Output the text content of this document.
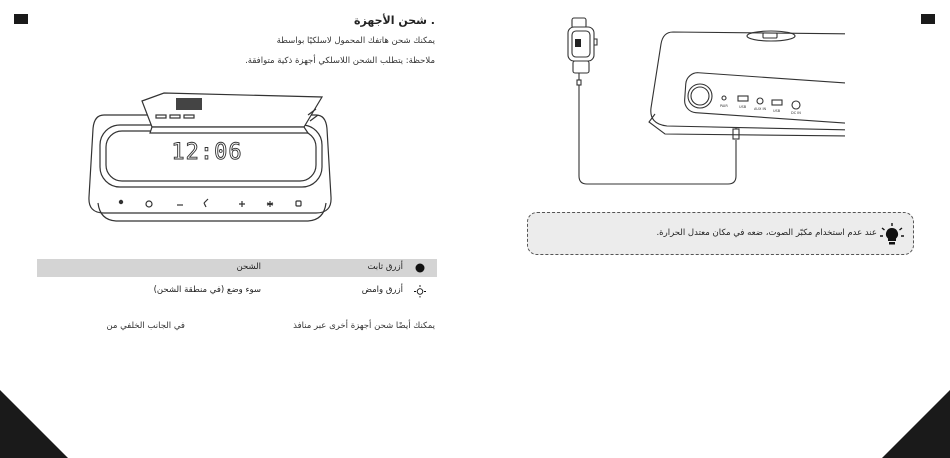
. شحن الأجهزة
يمكنك شحن هاتفك المحمول لاسلكيًا بواسطة
ملاحظة: يتطلب الشحن اللاسلكي أجهزة ذكية متوافقة.
12:06
أزرق ثابت
الشحن
أزرق وامض
سوء وضع (في منطقة الشحن)
يمكنك أيضًا شحن أجهزة أخرى عبر منافذ
في الجانب الخلفي من
PAIR	USB AUX IN USB	DC IN
عند عدم استخدام مكبّر الصوت، ضعه في مكان معتدل الحرارة.
